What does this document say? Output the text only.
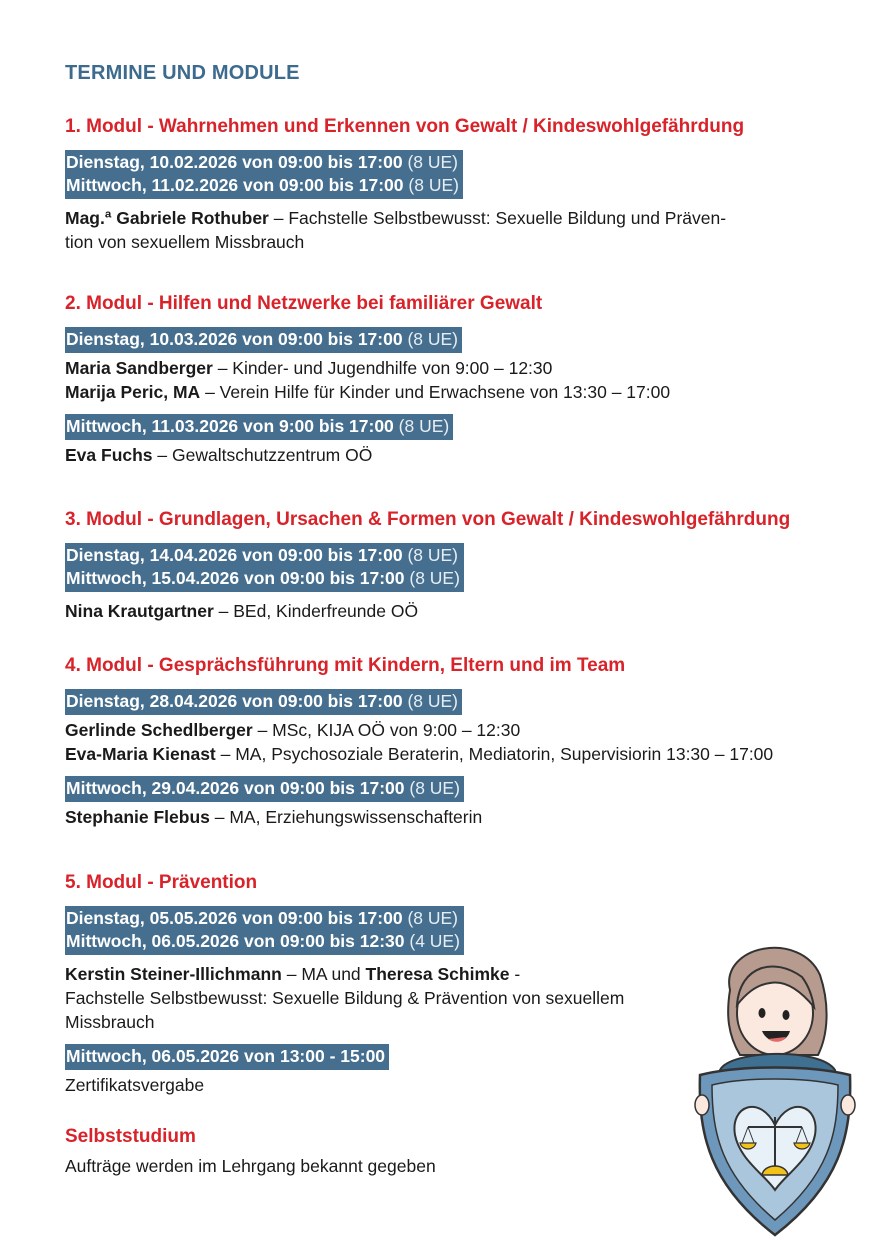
TERMINE UND MODULE
1. Modul - Wahrnehmen und Erkennen von Gewalt / Kindeswohlgefährdung
Dienstag, 10.02.2026 von 09:00 bis 17:00 (8 UE)
Mittwoch, 11.02.2026 von 09:00 bis 17:00 (8 UE)
Mag.ª Gabriele Rothuber – Fachstelle Selbstbewusst: Sexuelle Bildung und Präven-
tion von sexuellem Missbrauch
2. Modul - Hilfen und Netzwerke bei familiärer Gewalt
Dienstag, 10.03.2026 von 09:00 bis 17:00 (8 UE)
Maria Sandberger – Kinder- und Jugendhilfe von 9:00 – 12:30
Marija Peric, MA – Verein Hilfe für Kinder und Erwachsene von 13:30 – 17:00
Mittwoch, 11.03.2026 von 9:00 bis 17:00 (8 UE)
Eva Fuchs – Gewaltschutzzentrum OÖ
3. Modul - Grundlagen, Ursachen & Formen von Gewalt / Kindeswohlgefährdung
Dienstag, 14.04.2026 von 09:00 bis 17:00 (8 UE)
Mittwoch, 15.04.2026 von 09:00 bis 17:00 (8 UE)
Nina Krautgartner – BEd, Kinderfreunde OÖ
4. Modul - Gesprächsführung mit Kindern, Eltern und im Team
Dienstag, 28.04.2026 von 09:00 bis 17:00 (8 UE)
Gerlinde Schedlberger – MSc, KIJA OÖ von 9:00 – 12:30
Eva-Maria Kienast – MA, Psychosoziale Beraterin, Mediatorin, Supervisiorin 13:30 – 17:00
Mittwoch, 29.04.2026 von 09:00 bis 17:00 (8 UE)
Stephanie Flebus – MA, Erziehungswissenschafterin
5. Modul - Prävention
Dienstag, 05.05.2026 von 09:00 bis 17:00 (8 UE)
Mittwoch, 06.05.2026 von 09:00 bis 12:30 (4 UE)
Kerstin Steiner-Illichmann – MA und Theresa Schimke -
Fachstelle Selbstbewusst: Sexuelle Bildung & Prävention von sexuellem
Missbrauch
Mittwoch, 06.05.2026 von 13:00 - 15:00
Zertifikatsvergabe
Selbststudium
Aufträge werden im Lehrgang bekannt gegeben
